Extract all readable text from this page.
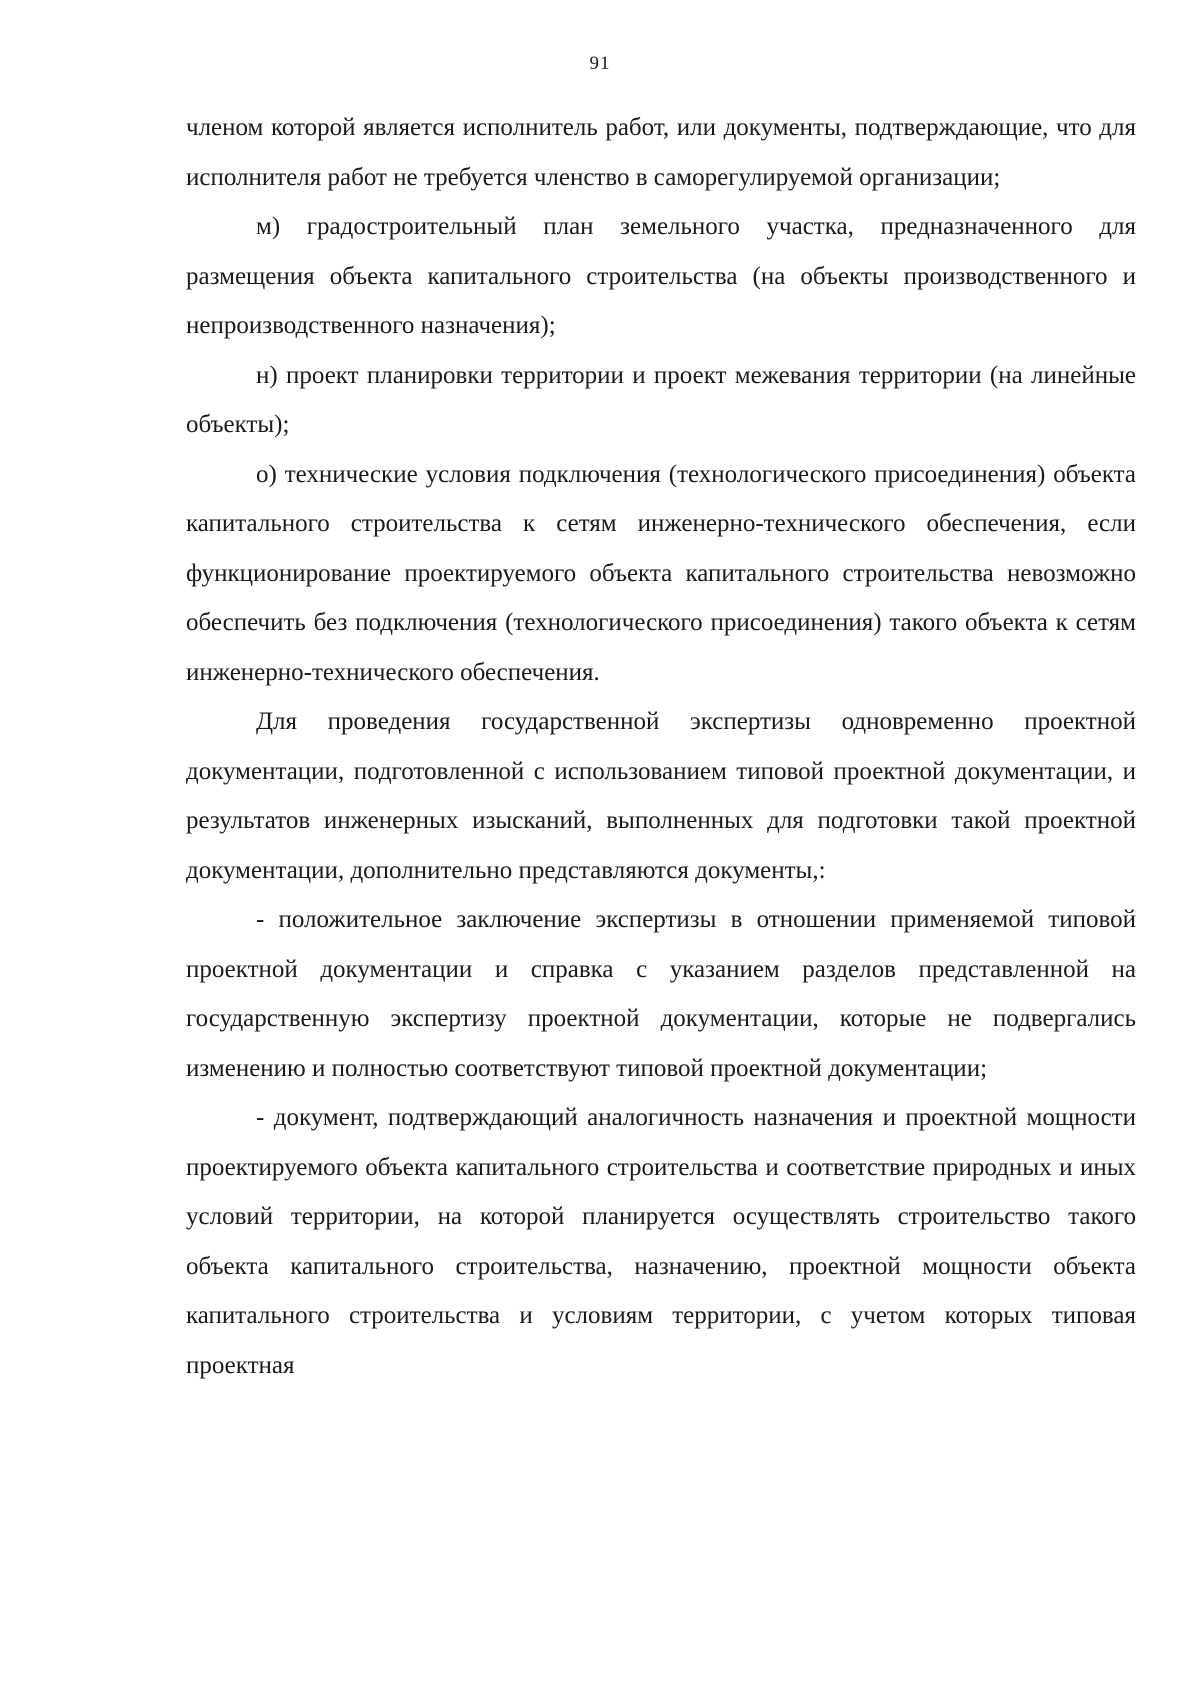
91

членом которой является исполнитель работ, или документы, подтверждающие, что для исполнителя работ не требуется членство в саморегулируемой организации;

м) градостроительный план земельного участка, предназначенного для размещения объекта капитального строительства (на объекты производственного и непроизводственного назначения);

н) проект планировки территории и проект межевания территории (на линейные объекты);

о) технические условия подключения (технологического присоединения) объекта капитального строительства к сетям инженерно-технического обеспечения, если функционирование проектируемого объекта капитального строительства невозможно обеспечить без подключения (технологического присоединения) такого объекта к сетям инженерно-технического обеспечения.

Для проведения государственной экспертизы одновременно проектной документации, подготовленной с использованием типовой проектной документации, и результатов инженерных изысканий, выполненных для подготовки такой проектной документации, дополнительно представляются документы,:

- положительное заключение экспертизы в отношении применяемой типовой проектной документации и справка с указанием разделов представленной на государственную экспертизу проектной документации, которые не подвергались изменению и полностью соответствуют типовой проектной документации;

- документ, подтверждающий аналогичность назначения и проектной мощности проектируемого объекта капитального строительства и соответствие природных и иных условий территории, на которой планируется осуществлять строительство такого объекта капитального строительства, назначению, проектной мощности объекта капитального строительства и условиям территории, с учетом которых типовая проектная
